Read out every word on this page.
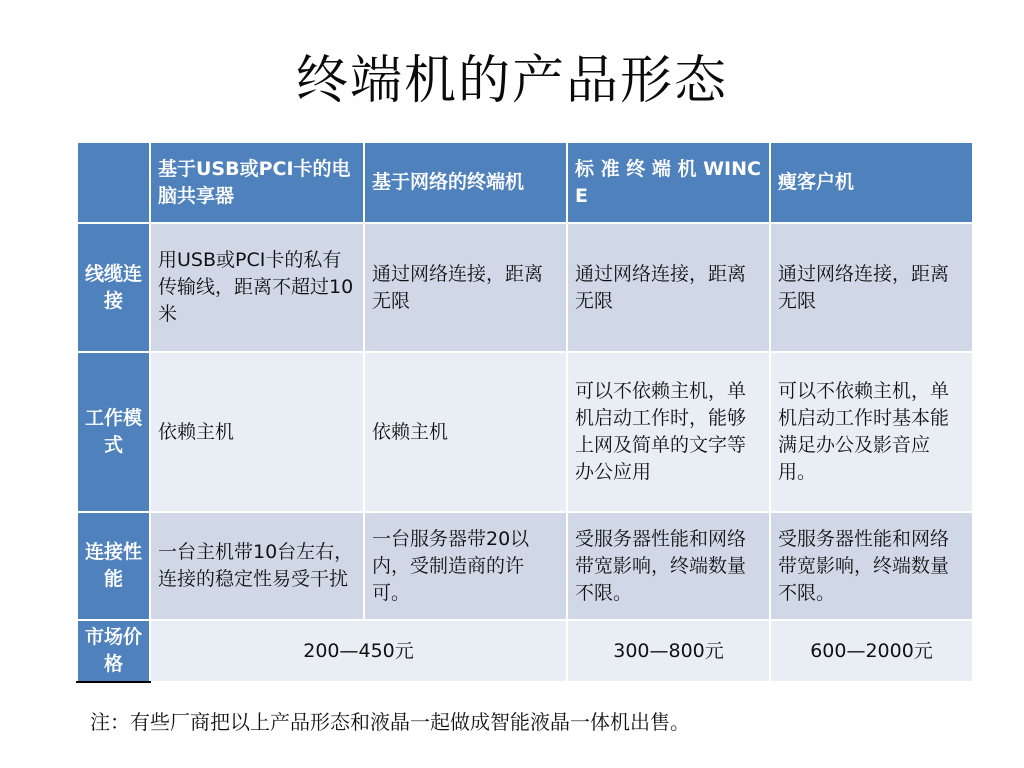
终端机的产品形态
	基于USB或PCI卡的电脑共享器	基于网络的终端机	标 准 终 端 机 WINCE	瘦客户机
线缆连接	用USB或PCI卡的私有传输线，距离不超过10米	通过网络连接，距离无限	通过网络连接，距离无限	通过网络连接，距离无限
工作模式	依赖主机	依赖主机	可以不依赖主机，单机启动工作时，能够上网及简单的文字等办公应用	可以不依赖主机，单机启动工作时基本能满足办公及影音应用。
连接性能	一台主机带10台左右，连接的稳定性易受干扰	一台服务器带20以内，受制造商的许可。	受服务器性能和网络带宽影响，终端数量不限。	受服务器性能和网络带宽影响，终端数量不限。
市场价格	200—450元		300—800元	600—2000元
注：有些厂商把以上产品形态和液晶一起做成智能液晶一体机出售。
